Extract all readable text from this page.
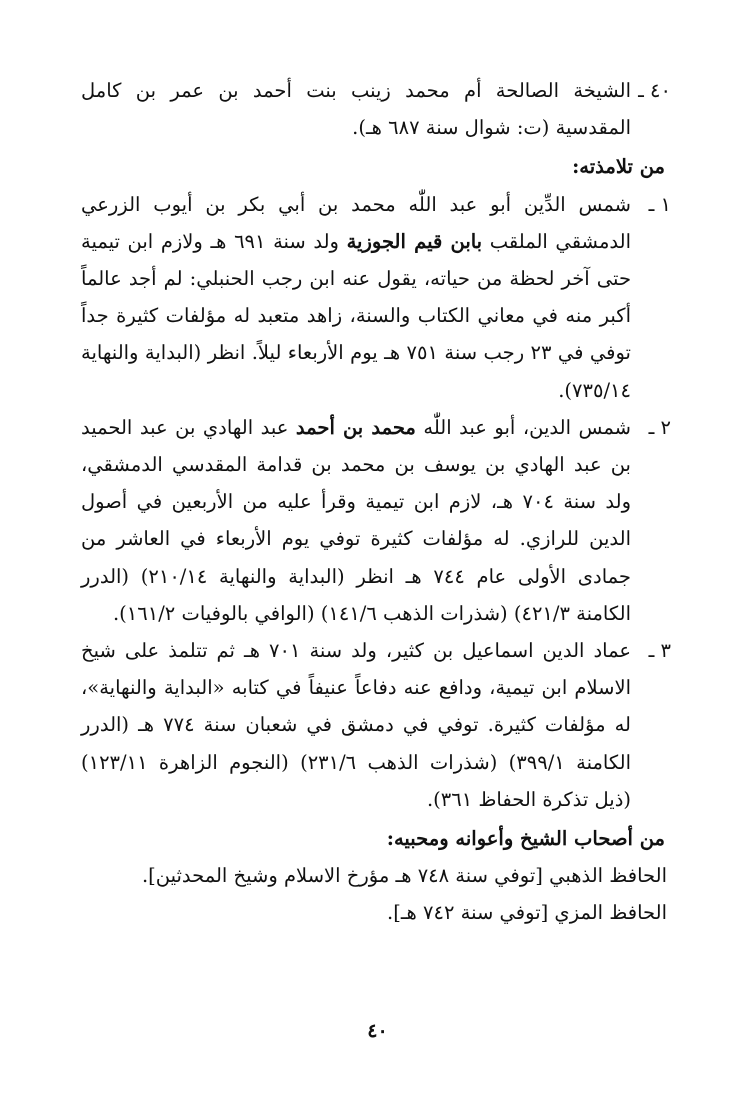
٤٠ ـ
الشيخة الصالحة أم محمد زينب بنت أحمد بن عمر بن كامل المقدسية (ت: شوال سنة ٦٨٧ هـ).
من تلامذته:
١ ـ
شمس الدِّين أبو عبد اللّٰه محمد بن أبي بكر بن أيوب الزرعي الدمشقي الملقب بابن قيم الجوزية ولد سنة ٦٩١ هـ ولازم ابن تيمية حتى آخر لحظة من حياته، يقول عنه ابن رجب الحنبلي: لم أجد عالماً أكبر منه في معاني الكتاب والسنة، زاهد متعبد له مؤلفات كثيرة جداً توفي في ٢٣ رجب سنة ٧٥١ هـ يوم الأربعاء ليلاً. انظر (البداية والنهاية ٧٣٥/١٤).
٢ ـ
شمس الدين، أبو عبد اللّٰه محمد بن أحمد عبد الهادي بن عبد الحميد بن عبد الهادي بن يوسف بن محمد بن قدامة المقدسي الدمشقي، ولد سنة ٧٠٤ هـ، لازم ابن تيمية وقرأ عليه من الأربعين في أصول الدين للرازي. له مؤلفات كثيرة توفي يوم الأربعاء في العاشر من جمادى الأولى عام ٧٤٤ هـ انظر (البداية والنهاية ٢١٠/١٤) (الدرر الكامنة ٤٢١/٣) (شذرات الذهب ١٤١/٦) (الوافي بالوفيات ١٦١/٢).
٣ ـ
عماد الدين اسماعيل بن كثير، ولد سنة ٧٠١ هـ ثم تتلمذ على شيخ الاسلام ابن تيمية، ودافع عنه دفاعاً عنيفاً في كتابه «البداية والنهاية»، له مؤلفات كثيرة. توفي في دمشق في شعبان سنة ٧٧٤ هـ (الدرر الكامنة ٣٩٩/١) (شذرات الذهب ٢٣١/٦) (النجوم الزاهرة ١٢٣/١١) (ذيل تذكرة الحفاظ ٣٦١).
من أصحاب الشيخ وأعوانه ومحبيه:
الحافظ الذهبي [توفي سنة ٧٤٨ هـ مؤرخ الاسلام وشيخ المحدثين].
الحافظ المزي [توفي سنة ٧٤٢ هـ].
٤٠
